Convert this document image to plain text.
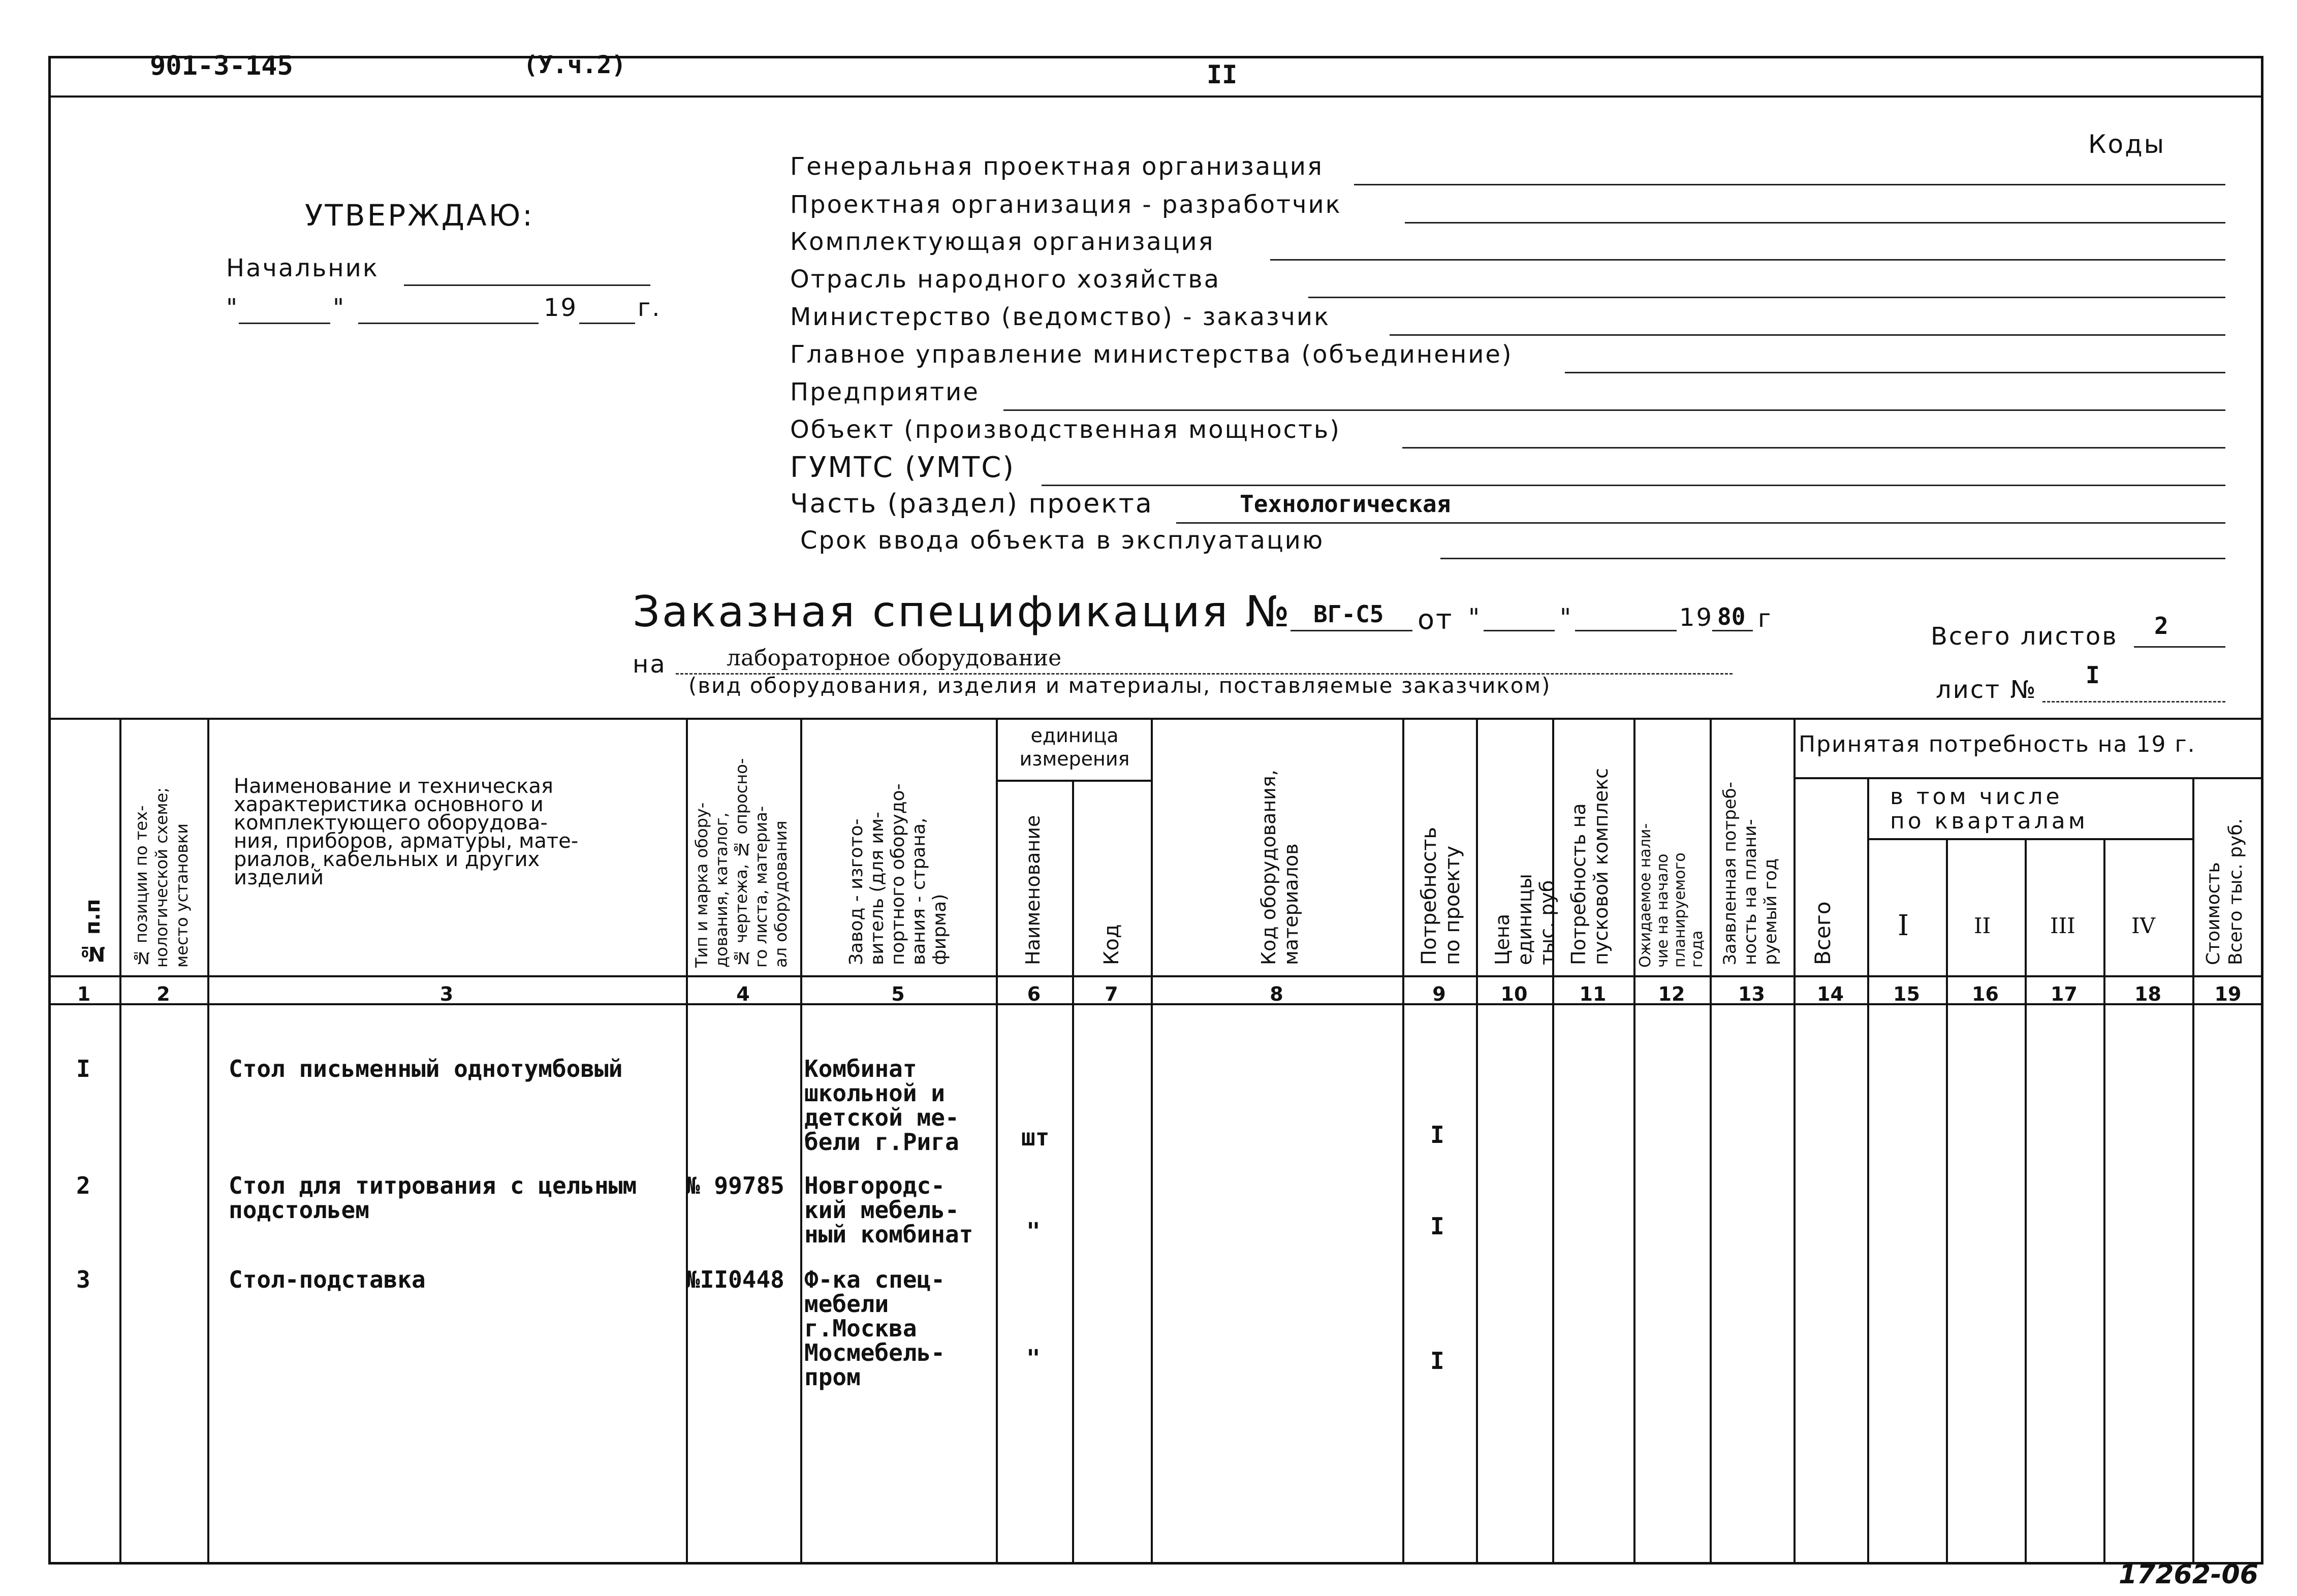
901-3-145	(У.ч.2)	II
УТВЕРЖДАЮ:
Начальник
"	"	19 г.
Коды
Генеральная проектная организация
Проектная организация - разработчик
Комплектующая организация
Отрасль народного хозяйства
Министерство (ведомство) - заказчик
Главное управление министерства (объединение)
Предприятие
Объект (производственная мощность)
ГУМТС (УМТС)
Часть (раздел) проекта	Технологическая
Срок ввода объекта в эксплуатацию
Заказная спецификация № ВГ-С5 от "	"	19 80 г
на	лабораторное оборудование
(вид оборудования, изделия и материалы, поставляемые заказчиком)
Всего листов 2
лист №
I
№ п.п № позиции по тех-
нологической схеме;
место установки
Наименование и техническая
характеристика основного и
комплектующего оборудова-
ния, приборов, арматуры, мате-
риалов, кабельных и других
изделий
Тип и марка обору-
дования, каталог,
№ чертежа, № опросно-
го листа, материа-
ал оборудования	Завод - изгото-
витель (для им-
портного оборудо-
вания - страна,
фирма)
единица
измерения
Наименование	Код	Код оборудования,
материалов	Потребность
по проекту
Цена единицы
тыс. руб Потребность на
пусковой комплекс
Ожидаемое нали-
чие на начало
планируемого
года Заявленная потреб-
ность на плани-
руемый год
Принятая потребность на 19 г.
Всего
в том числе
по кварталам
I	II	III	IV	Стоимость
Всего тыс. руб.
1	2	3	4	5	6	7	8	9	10	11	12	13	14	15	16	17	18	19
I	Стол письменный однотумбовый	Комбинат
школьной и
детской ме-
бели г.Рига	шт	I
2	Стол для титрования с цельным
подстольем
№ 99785 Новгородс-
кий мебель-
ный комбинат "	I
3	Стол-подставка	№II0448 Ф-ка спец-
мебели
г.Москва
Мосмебель-
пром
"	I
17262-06
